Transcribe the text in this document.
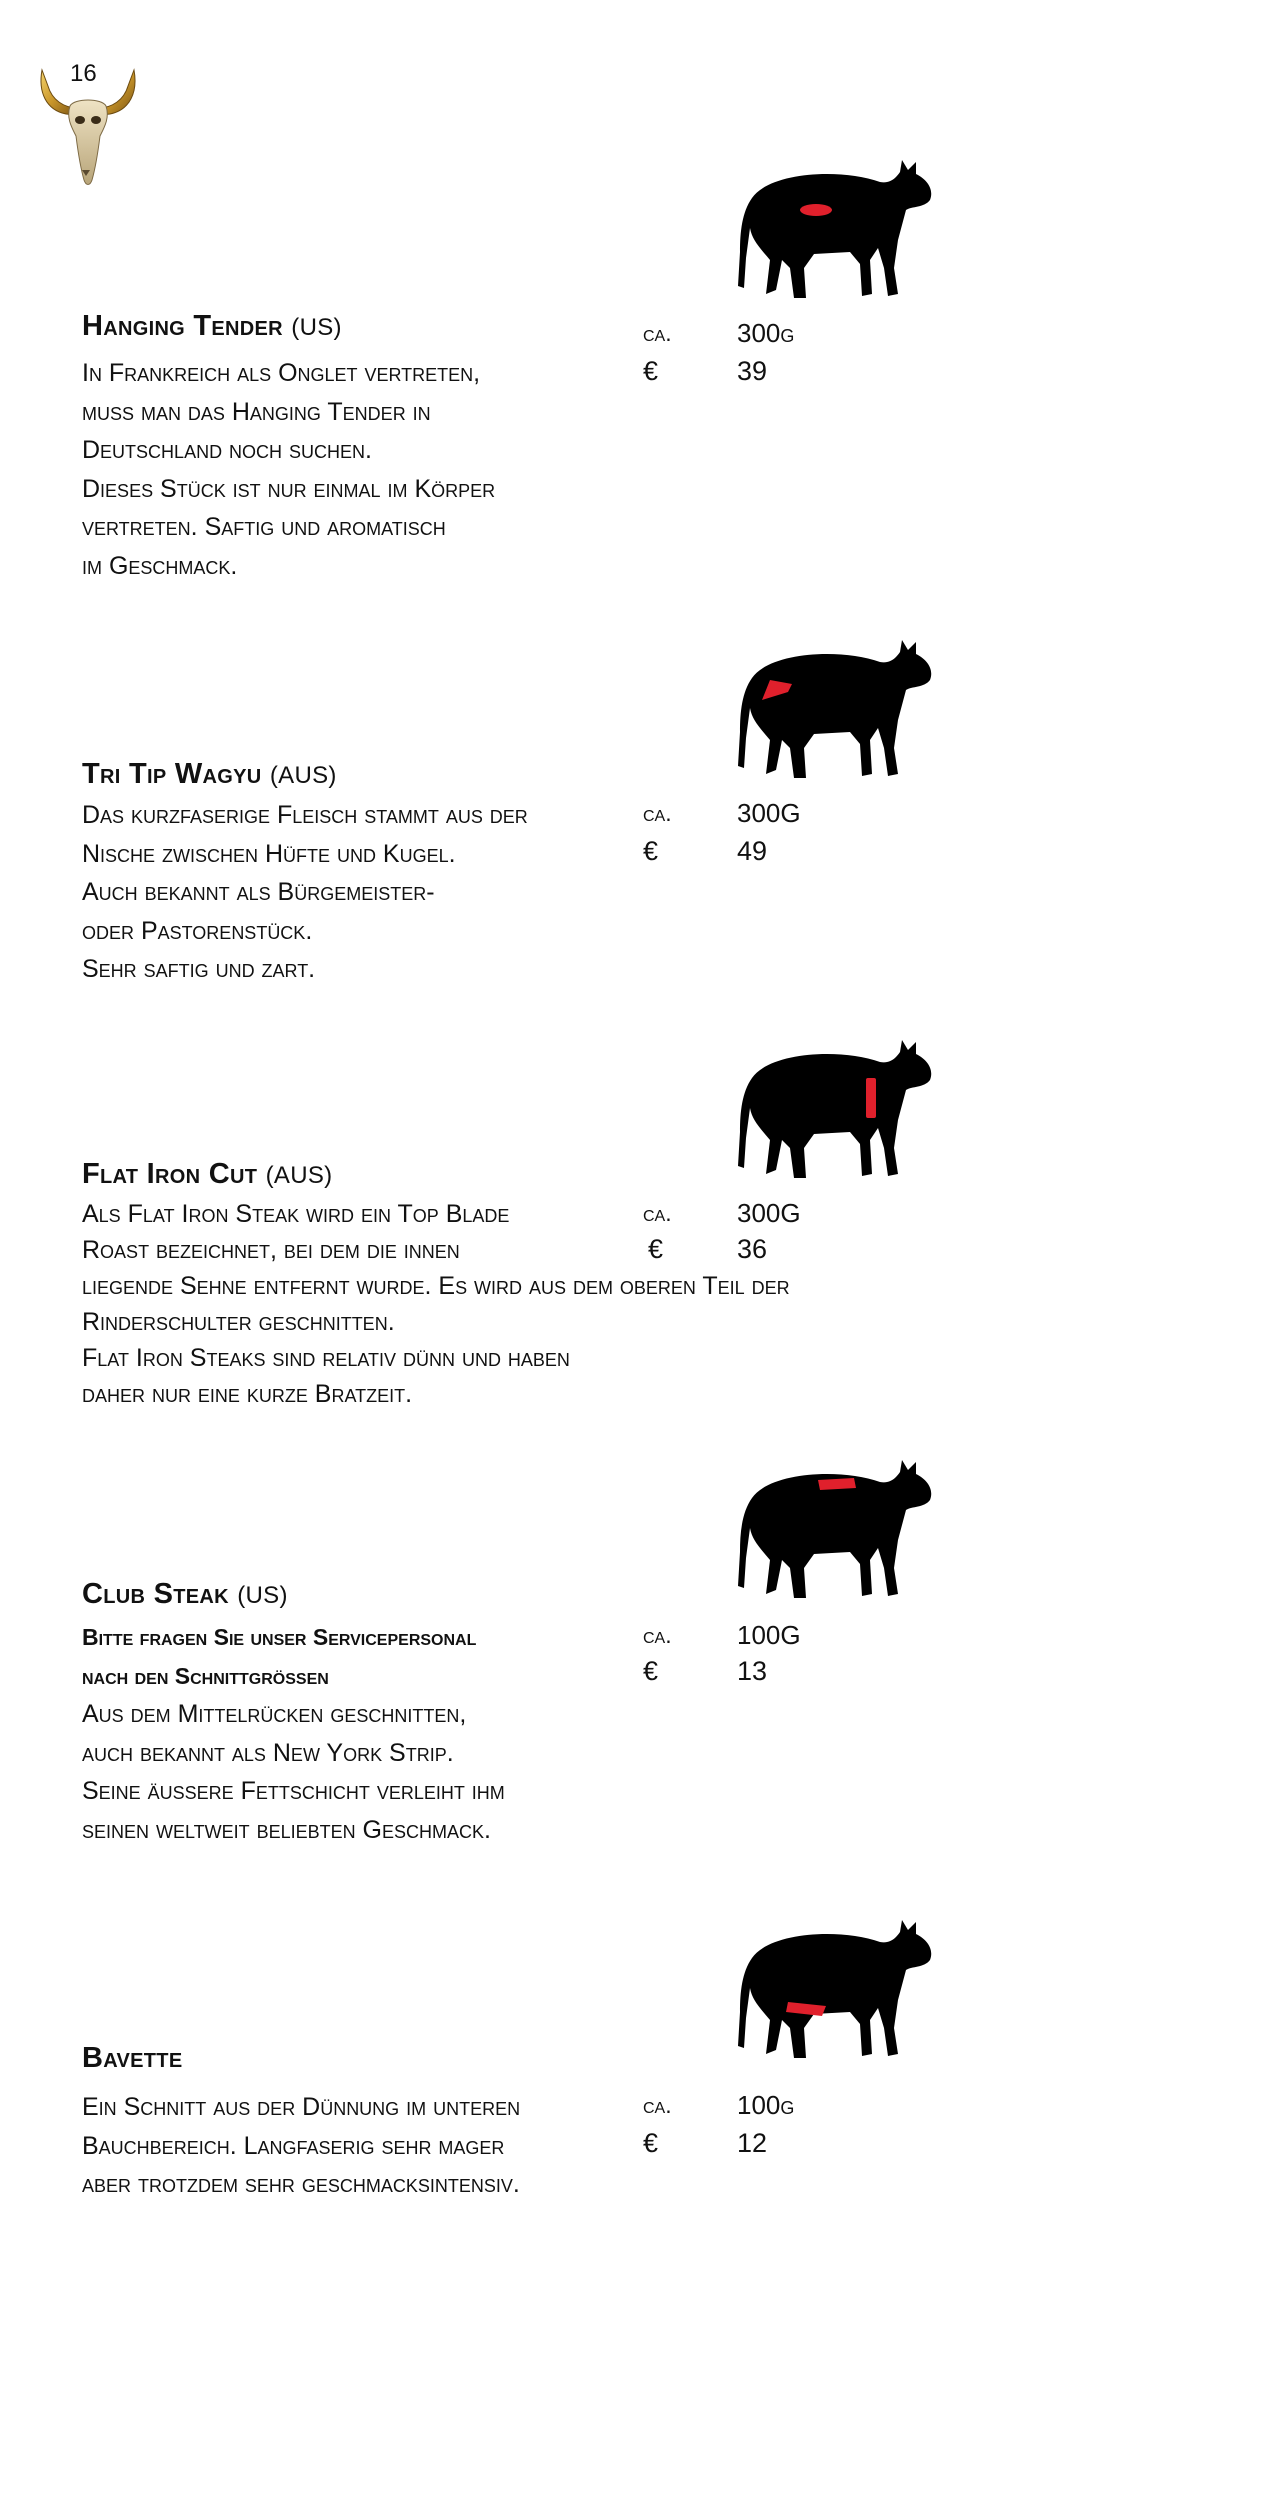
16
Hanging Tender (US)	ca.	300g
€	39
In Frankreich als Onglet vertreten,
muss man das Hanging Tender in
Deutschland noch suchen.
Dieses Stück ist nur einmal im Körper
vertreten. Saftig und aromatisch
im Geschmack.
Tri Tip Wagyu (AUS)
ca.	300G
€	49
Das kurzfaserige Fleisch stammt aus der
Nische zwischen Hüfte und Kugel.
Auch bekannt als Bürgemeister-
oder Pastorenstück.
Sehr saftig und zart.
Flat Iron Cut (AUS)
ca.	300G
€	36
Als Flat Iron Steak wird ein Top Blade
Roast bezeichnet, bei dem die innen
liegende Sehne entfernt wurde. Es wird aus dem oberen Teil der
Rinderschulter geschnitten.
Flat Iron Steaks sind relativ dünn und haben
daher nur eine kurze Bratzeit.
Club Steak (US)
ca.	100G
€	13
Bitte fragen Sie unser Servicepersonal
nach den Schnittgrößen
Aus dem Mittelrücken geschnitten,
auch bekannt als New York Strip.
Seine äußere Fettschicht verleiht ihm
seinen weltweit beliebten Geschmack.
Bavette
ca.	100g
€	12
Ein Schnitt aus der Dünnung im unteren
Bauchbereich. Langfaserig sehr mager
aber trotzdem sehr geschmacksintensiv.
